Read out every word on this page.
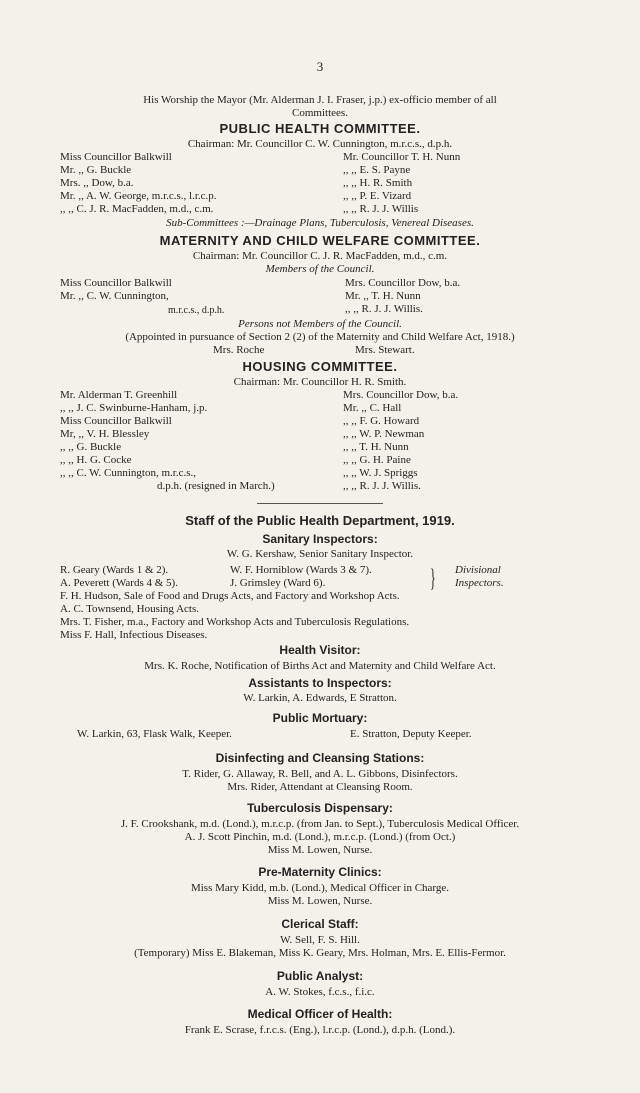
3
His Worship the Mayor (Mr. Alderman J. I. Fraser, j.p.) ex-officio member of all
Committees.
PUBLIC HEALTH COMMITTEE.
Chairman: Mr. Councillor C. W. Cunnington, m.r.c.s., d.p.h.
Miss Councillor Balkwill
Mr. ,, G. Buckle
Mrs. ,, Dow, b.a.
Mr. ,, A. W. George, m.r.c.s., l.r.c.p.
,, ,, C. J. R. MacFadden, m.d., c.m.
Mr. Councillor T. H. Nunn
,, ,, E. S. Payne
,, ,, H. R. Smith
,, ,, P. E. Vizard
,, ,, R. J. J. Willis
Sub-Committees :—Drainage Plans, Tuberculosis, Venereal Diseases.
MATERNITY AND CHILD WELFARE COMMITTEE.
Chairman: Mr. Councillor C. J. R. MacFadden, m.d., c.m.
Members of the Council.
Miss Councillor Balkwill
Mr. ,, C. W. Cunnington,
m.r.c.s., d.p.h.
Mrs. Councillor Dow, b.a.
Mr. ,, T. H. Nunn
,, ,, R. J. J. Willis.
Persons not Members of the Council.
(Appointed in pursuance of Section 2 (2) of the Maternity and Child Welfare Act, 1918.)
Mrs. Roche	Mrs. Stewart.
HOUSING COMMITTEE.
Chairman: Mr. Councillor H. R. Smith.
Mr. Alderman T. Greenhill
,, ,, J. C. Swinburne-Hanham, j.p.
Miss Councillor Balkwill
Mr, ,, V. H. Blessley
,, ,, G. Buckle
,, ,, H. G. Cocke
,, ,, C. W. Cunnington, m.r.c.s.,
d.p.h. (resigned in March.)
Mrs. Councillor Dow, b.a.
Mr. ,, C. Hall
,, ,, F. G. Howard
,, ,, W. P. Newman
,, ,, T. H. Nunn
,, ,, G. H. Paine
,, ,, W. J. Spriggs
,, ,, R. J. J. Willis.
Staff of the Public Health Department, 1919.
Sanitary Inspectors:
W. G. Kershaw, Senior Sanitary Inspector.
R. Geary (Wards 1 & 2).
A. Peverett (Wards 4 & 5).
W. F. Horniblow (Wards 3 & 7).
J. Grimsley (Ward 6).	} Divisional
Inspectors.
F. H. Hudson, Sale of Food and Drugs Acts, and Factory and Workshop Acts.
A. C. Townsend, Housing Acts.
Mrs. T. Fisher, m.a., Factory and Workshop Acts and Tuberculosis Regulations.
Miss F. Hall, Infectious Diseases.
Health Visitor:
Mrs. K. Roche, Notification of Births Act and Maternity and Child Welfare Act.
Assistants to Inspectors:
W. Larkin, A. Edwards, E Stratton.
Public Mortuary:
W. Larkin, 63, Flask Walk, Keeper.	E. Stratton, Deputy Keeper.
Disinfecting and Cleansing Stations:
T. Rider, G. Allaway, R. Bell, and A. L. Gibbons, Disinfectors.
Mrs. Rider, Attendant at Cleansing Room.
Tuberculosis Dispensary:
J. F. Crookshank, m.d. (Lond.), m.r.c.p. (from Jan. to Sept.), Tuberculosis Medical Officer.
A. J. Scott Pinchin, m.d. (Lond.), m.r.c.p. (Lond.) (from Oct.)
Miss M. Lowen, Nurse.
Pre-Maternity Clinics:
Miss Mary Kidd, m.b. (Lond.), Medical Officer in Charge.
Miss M. Lowen, Nurse.
Clerical Staff:
W. Sell, F. S. Hill.
(Temporary) Miss E. Blakeman, Miss K. Geary, Mrs. Holman, Mrs. E. Ellis-Fermor.
Public Analyst:
A. W. Stokes, f.c.s., f.i.c.
Medical Officer of Health:
Frank E. Scrase, f.r.c.s. (Eng.), l.r.c.p. (Lond.), d.p.h. (Lond.).
